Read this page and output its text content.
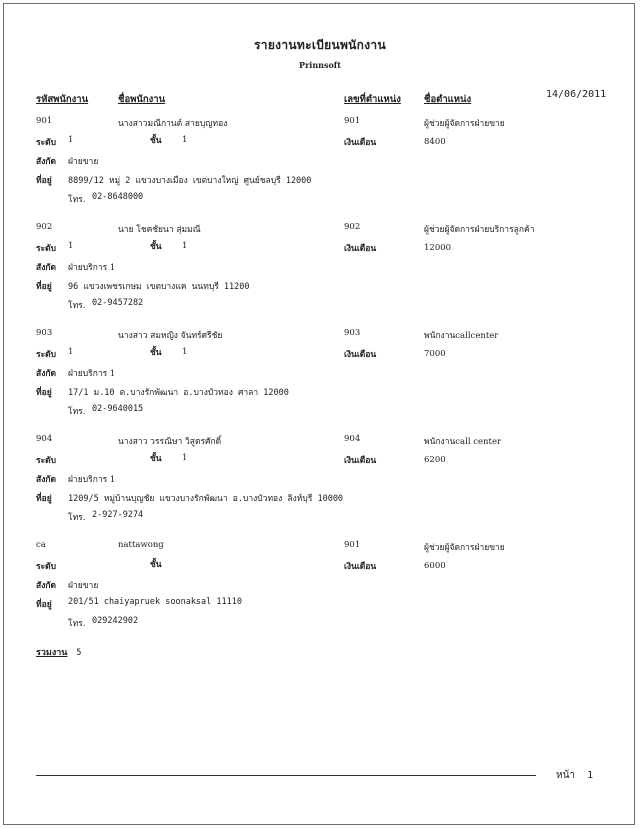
รายงานทะเบียนพนักงาน
Prinnsoft
รหัสพนักงาน	ชื่อพนักงาน	เลขที่ตำแหน่ง ชื่อตำแหน่ง	14/06/2011
901	นางสาวมณีกานต์ สายบุญทอง	901	ผู้ช่วยผู้จัดการฝ่ายขาย
ระดับ 1	ชั้น 1	เงินเดือน	8400
สังกัด ฝ่ายขาย
ที่อยู่ 8899/12 หมู่ 2 แขวงบางเมือง เขตบางใหญ่ ศูนย์ชลบุรี 12000
โทร. 02-8648000
902	นาย โชคชัยนา สุ่มมณี	902	ผู้ช่วยผู้จัดการฝ่ายบริการลูกค้า
ระดับ 1	ชั้น 1	เงินเดือน	12000
สังกัด ฝ่ายบริการ 1
ที่อยู่ 96 แขวงเพชรเกษม เขตบางแค นนทบุรี 11200
โทร. 02-9457282
903	นางสาว สมหญิง จันทร์ศรีชัย	903	พนักงานcallcenter
ระดับ 1	ชั้น 1	เงินเดือน	7000
สังกัด ฝ่ายบริการ 1
ที่อยู่ 17/1 ม.10 ต.บางรักพัฒนา อ.บางบัวทอง ศาลา 12000
โทร. 02-9640015
904	นางสาว วรรณิษา วิสูตรศักดิ์	904	พนักงานcall center
ระดับ	ชั้น 1	เงินเดือน	6200
สังกัด ฝ่ายบริการ 1
ที่อยู่ 1209/5 หมู่บ้านบุญชัย แขวงบางรักพัฒนา อ.บางบัวทอง ลิงห์บุรี 10000
โทร. 2-927-9274
ca	nattawong	901	ผู้ช่วยผู้จัดการฝ่ายขาย
ระดับ	ชั้น	เงินเดือน	6000
สังกัด ฝ่ายขาย
ที่อยู่ 201/51 chaiyapruek soonaksal 11110
โทร. 029242902
รวมงาน 5
หน้า 1
